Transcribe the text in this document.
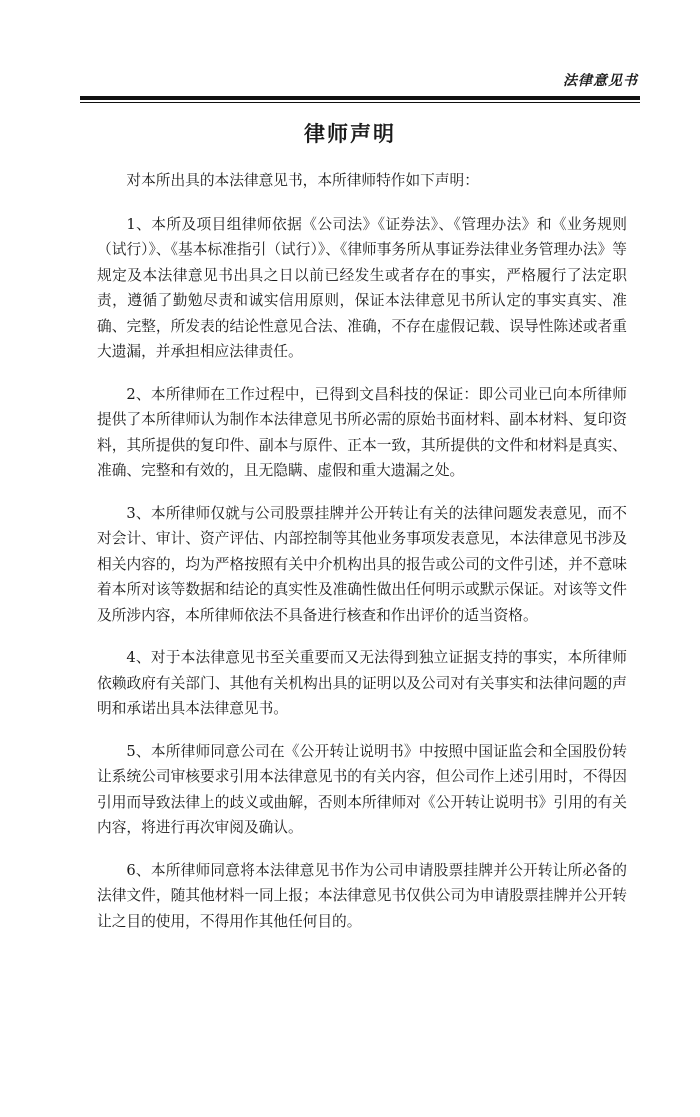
法律意见书
律师声明

对本所出具的本法律意见书，本所律师特作如下声明：

1、本所及项目组律师依据《公司法》《证券法》、《管理办法》和《业务规则（试行）》、《基本标准指引（试行）》、《律师事务所从事证券法律业务管理办法》等规定及本法律意见书出具之日以前已经发生或者存在的事实，严格履行了法定职责，遵循了勤勉尽责和诚实信用原则，保证本法律意见书所认定的事实真实、准确、完整，所发表的结论性意见合法、准确，不存在虚假记载、误导性陈述或者重大遗漏，并承担相应法律责任。

2、本所律师在工作过程中，已得到文昌科技的保证：即公司业已向本所律师提供了本所律师认为制作本法律意见书所必需的原始书面材料、副本材料、复印资料，其所提供的复印件、副本与原件、正本一致，其所提供的文件和材料是真实、准确、完整和有效的，且无隐瞒、虚假和重大遗漏之处。

3、本所律师仅就与公司股票挂牌并公开转让有关的法律问题发表意见，而不对会计、审计、资产评估、内部控制等其他业务事项发表意见，本法律意见书涉及相关内容的，均为严格按照有关中介机构出具的报告或公司的文件引述，并不意味着本所对该等数据和结论的真实性及准确性做出任何明示或默示保证。对该等文件及所涉内容，本所律师依法不具备进行核查和作出评价的适当资格。

4、对于本法律意见书至关重要而又无法得到独立证据支持的事实，本所律师依赖政府有关部门、其他有关机构出具的证明以及公司对有关事实和法律问题的声明和承诺出具本法律意见书。

5、本所律师同意公司在《公开转让说明书》中按照中国证监会和全国股份转让系统公司审核要求引用本法律意见书的有关内容，但公司作上述引用时，不得因引用而导致法律上的歧义或曲解，否则本所律师对《公开转让说明书》引用的有关内容，将进行再次审阅及确认。

6、本所律师同意将本法律意见书作为公司申请股票挂牌并公开转让所必备的法律文件，随其他材料一同上报；本法律意见书仅供公司为申请股票挂牌并公开转让之目的使用，不得用作其他任何目的。
